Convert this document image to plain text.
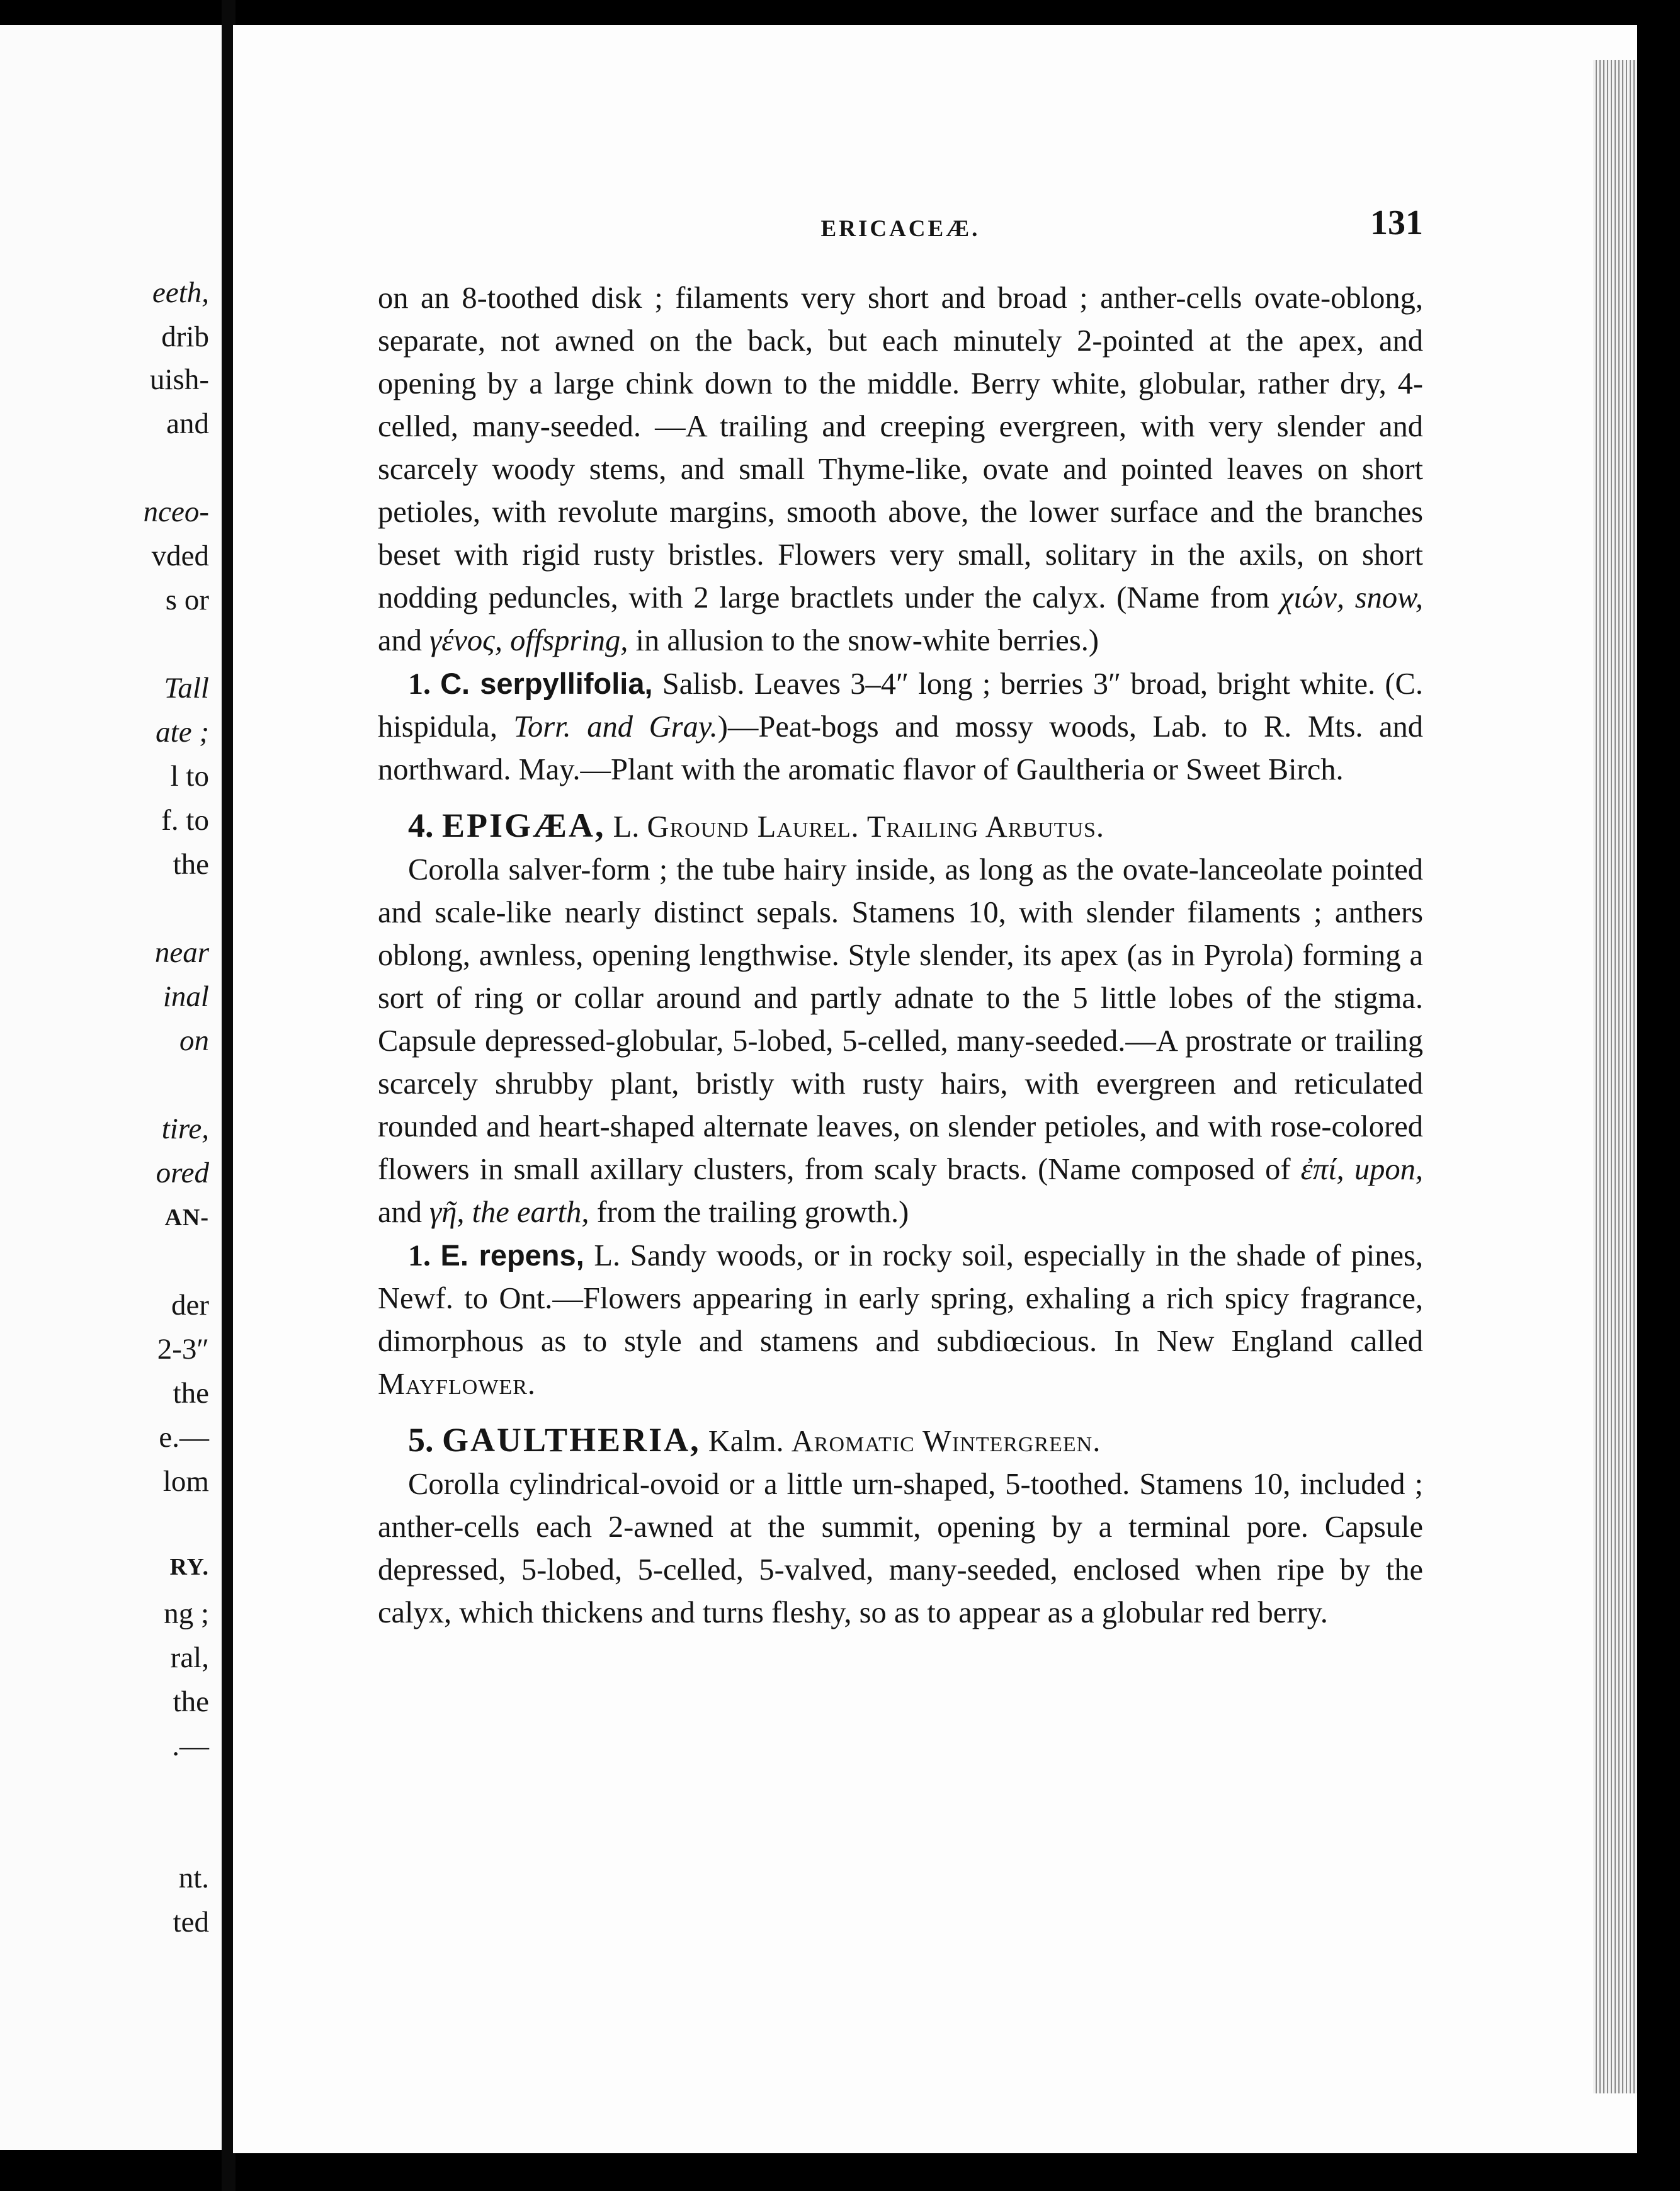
eeth,
drib
uish-
and
nceo-
vded
s or
Tall
ate ;
l to
f. to
the
near
inal
on
tire,
ored
AN-
der
2-3″
the
e.—
lom
RY.
ng ;
ral,
the
.—
nt.
ted
ERICACEÆ.	131

on an 8-toothed disk ; filaments very short and broad ; anther-cells ovate-oblong, separate, not awned on the back, but each minutely 2-pointed at the apex, and opening by a large chink down to the middle. Berry white, globular, rather dry, 4-celled, many-seeded. —A trailing and creeping evergreen, with very slender and scarcely woody stems, and small Thyme-like, ovate and pointed leaves on short petioles, with revolute margins, smooth above, the lower surface and the branches beset with rigid rusty bristles. Flowers very small, solitary in the axils, on short nodding peduncles, with 2 large bractlets under the calyx. (Name from χιών, snow, and γένος, offspring, in allusion to the snow-white berries.)

1. C. serpyllifolia, Salisb. Leaves 3–4″ long ; berries 3″ broad, bright white. (C. hispidula, Torr. and Gray.)—Peat-bogs and mossy woods, Lab. to R. Mts. and northward. May.—Plant with the aromatic flavor of Gaultheria or Sweet Birch.

4. EPIGÆA, L. Ground Laurel. Trailing Arbutus.

Corolla salver-form ; the tube hairy inside, as long as the ovate-lanceolate pointed and scale-like nearly distinct sepals. Stamens 10, with slender filaments ; anthers oblong, awnless, opening lengthwise. Style slender, its apex (as in Pyrola) forming a sort of ring or collar around and partly adnate to the 5 little lobes of the stigma. Capsule depressed-globular, 5-lobed, 5-celled, many-seeded.—A prostrate or trailing scarcely shrubby plant, bristly with rusty hairs, with evergreen and reticulated rounded and heart-shaped alternate leaves, on slender petioles, and with rose-colored flowers in small axillary clusters, from scaly bracts. (Name composed of ἐπί, upon, and γῆ, the earth, from the trailing growth.)

1. E. repens, L. Sandy woods, or in rocky soil, especially in the shade of pines, Newf. to Ont.—Flowers appearing in early spring, exhaling a rich spicy fragrance, dimorphous as to style and stamens and subdiœcious. In New England called Mayflower.

5. GAULTHERIA, Kalm. Aromatic Wintergreen.

Corolla cylindrical-ovoid or a little urn-shaped, 5-toothed. Stamens 10, included ; anther-cells each 2-awned at the summit, opening by a terminal pore. Capsule depressed, 5-lobed, 5-celled, 5-valved, many-seeded, enclosed when ripe by the calyx, which thickens and turns fleshy, so as to appear as a globular red berry.
